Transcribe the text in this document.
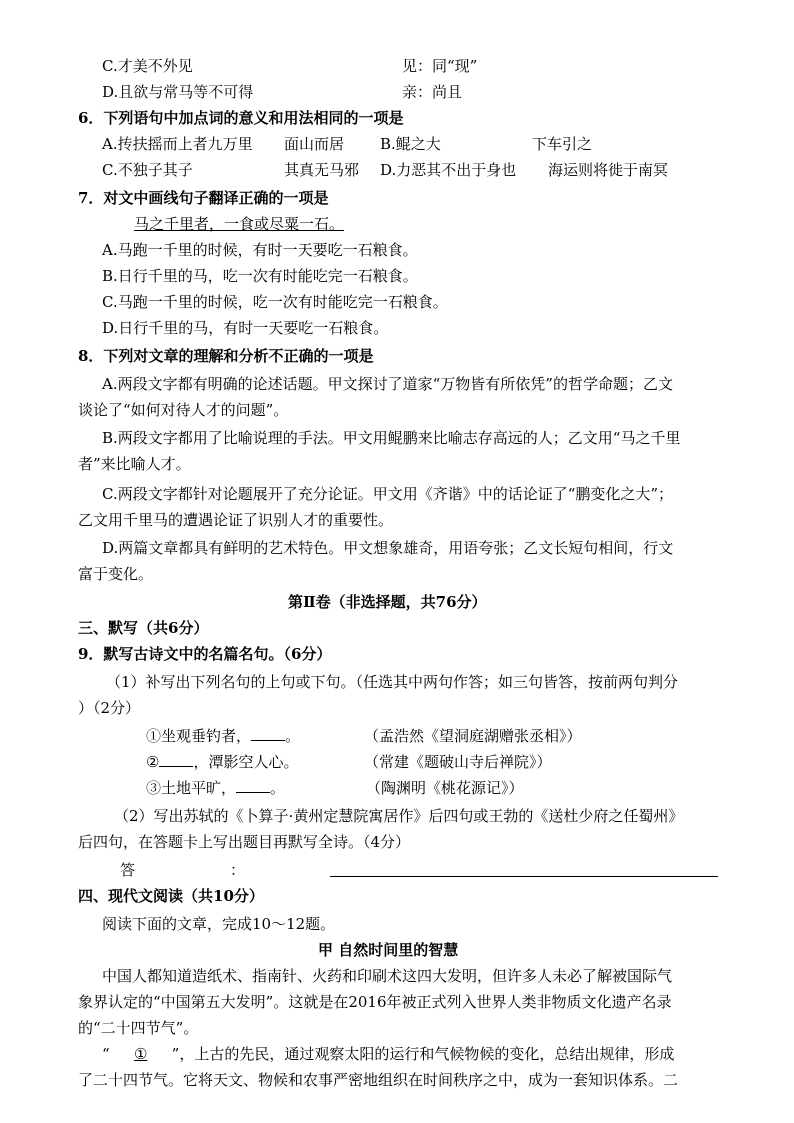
C.才美不外见	见：同“现”
D.且欲与常马等不可得	亲：尚且
6．下列语句中加点词的意义和用法相同的一项是
A.抟扶摇而上者九万里 面山而居 B.鲲之大	下车引之
C.不独子其子	其真无马邪 D.力恶其不出于身也 海运则将徙于南冥
7．对文中画线句子翻译正确的一项是
马之千里者，一食或尽粟一石。
A.马跑一千里的时候，有时一天要吃一石粮食。
B.日行千里的马，吃一次有时能吃完一石粮食。
C.马跑一千里的时候，吃一次有时能吃完一石粮食。
D.日行千里的马，有时一天要吃一石粮食。
8．下列对文章的理解和分析不正确的一项是
A.两段文字都有明确的论述话题。甲文探讨了道家“万物皆有所依凭”的哲学命题；乙文
谈论了“如何对待人才的问题”。
B.两段文字都用了比喻说理的手法。甲文用鲲鹏来比喻志存高远的人；乙文用“马之千里
者”来比喻人才。
C.两段文字都针对论题展开了充分论证。甲文用《齐谐》中的话论证了“鹏变化之大”；
乙文用千里马的遭遇论证了识别人才的重要性。
D.两篇文章都具有鲜明的艺术特色。甲文想象雄奇，用语夸张；乙文长短句相间，行文
富于变化。
第Ⅱ卷（非选择题，共76分）
三、默写（共6分）
9．默写古诗文中的名篇名句。（6分）
（1）补写出下列名句的上句或下句。（任选其中两句作答；如三句皆答，按前两句判分
）（2分）
①坐观垂钓者， 。	（孟浩然《望洞庭湖赠张丞相》）
② ，潭影空人心。	（常建《题破山寺后禅院》）
③土地平旷， 。	（陶渊明《桃花源记》）
（2）写出苏轼的《卜算子·黄州定慧院寓居作》后四句或王勃的《送杜少府之任蜀州》
后四句，在答题卡上写出题目再默写全诗。（4分）
答	：
四、现代文阅读（共10分）
阅读下面的文章，完成10～12题。
甲 自然时间里的智慧
中国人都知道造纸术、指南针、火药和印刷术这四大发明，但许多人未必了解被国际气
象界认定的“中国第五大发明”。这就是在2016年被正式列入世界人类非物质文化遗产名录
的“二十四节气”。
“ ① ”，上古的先民，通过观察太阳的运行和气候物候的变化，总结出规律，形成
了二十四节气。它将天文、物候和农事严密地组织在时间秩序之中，成为一套知识体系。二
